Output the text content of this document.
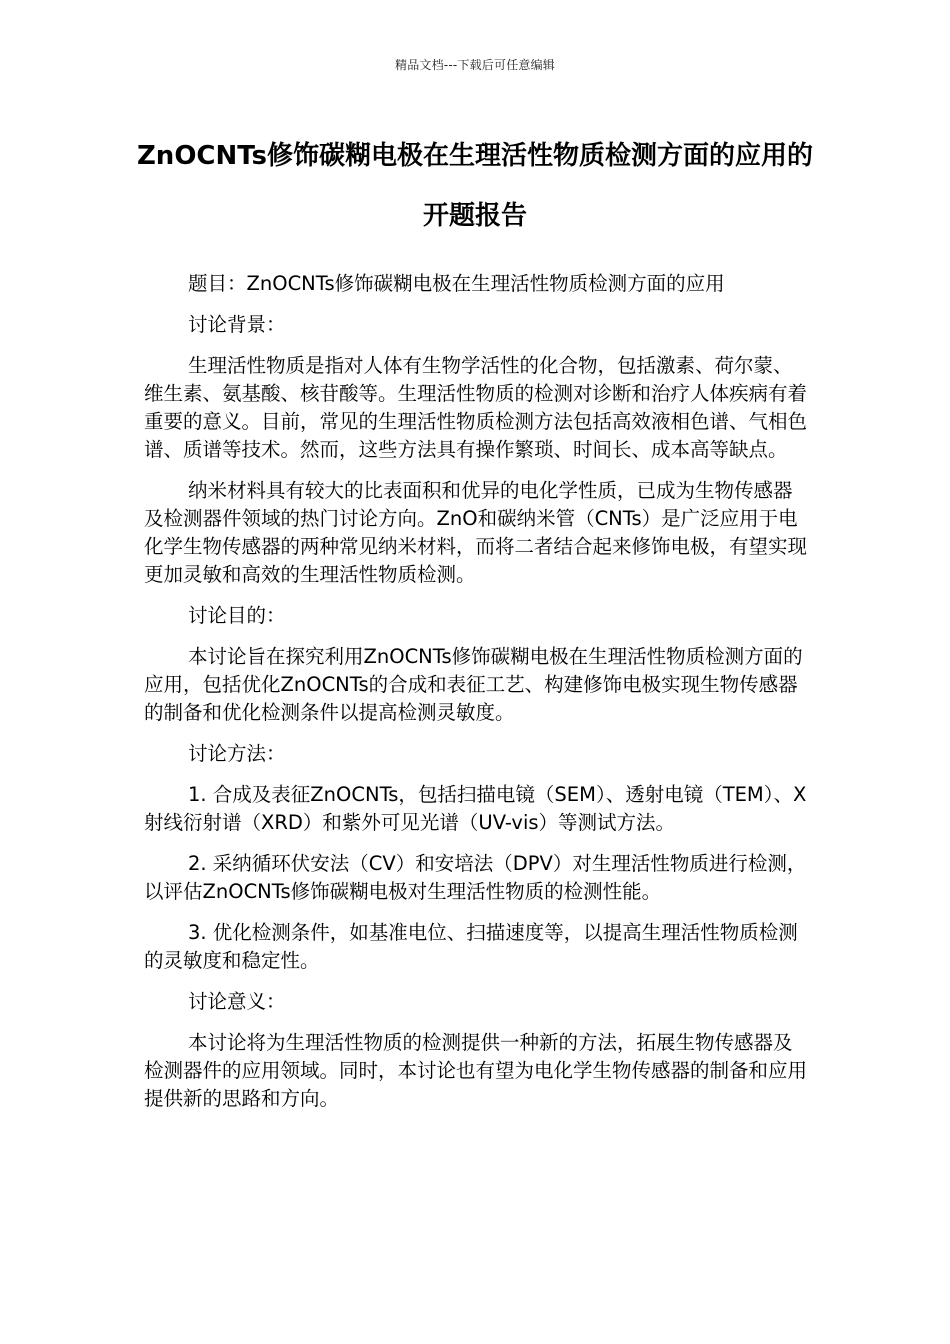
精品文档---下载后可任意编辑
ZnOCNTs修饰碳糊电极在生理活性物质检测方面的应用的开题报告

题目：ZnOCNTs修饰碳糊电极在生理活性物质检测方面的应用

讨论背景：

生理活性物质是指对人体有生物学活性的化合物，包括激素、荷尔蒙、维生素、氨基酸、核苷酸等。生理活性物质的检测对诊断和治疗人体疾病有着重要的意义。目前，常见的生理活性物质检测方法包括高效液相色谱、气相色谱、质谱等技术。然而，这些方法具有操作繁琐、时间长、成本高等缺点。

纳米材料具有较大的比表面积和优异的电化学性质，已成为生物传感器及检测器件领域的热门讨论方向。ZnO和碳纳米管（CNTs）是广泛应用于电化学生物传感器的两种常见纳米材料，而将二者结合起来修饰电极，有望实现更加灵敏和高效的生理活性物质检测。

讨论目的：

本讨论旨在探究利用ZnOCNTs修饰碳糊电极在生理活性物质检测方面的应用，包括优化ZnOCNTs的合成和表征工艺、构建修饰电极实现生物传感器的制备和优化检测条件以提高检测灵敏度。

讨论方法：

1. 合成及表征ZnOCNTs，包括扫描电镜（SEM）、透射电镜（TEM）、X射线衍射谱（XRD）和紫外可见光谱（UV-vis）等测试方法。

2. 采纳循环伏安法（CV）和安培法（DPV）对生理活性物质进行检测，以评估ZnOCNTs修饰碳糊电极对生理活性物质的检测性能。

3. 优化检测条件，如基准电位、扫描速度等，以提高生理活性物质检测的灵敏度和稳定性。

讨论意义：

本讨论将为生理活性物质的检测提供一种新的方法，拓展生物传感器及检测器件的应用领域。同时，本讨论也有望为电化学生物传感器的制备和应用提供新的思路和方向。
